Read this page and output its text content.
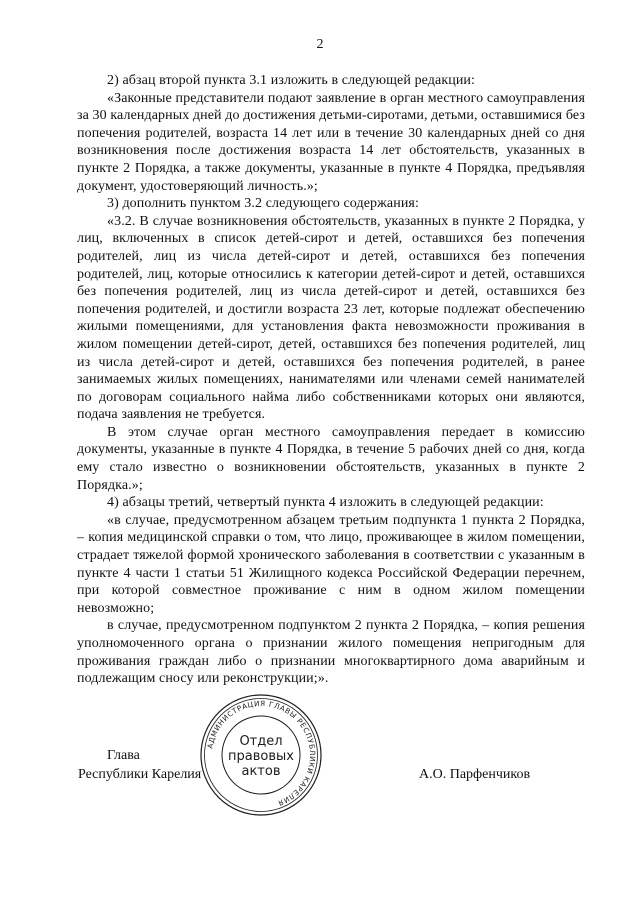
2

2) абзац второй пункта 3.1 изложить в следующей редакции:

«Законные представители подают заявление в орган местного самоуправления за 30 календарных дней до достижения детьми-сиротами, детьми, оставшимися без попечения родителей, возраста 14 лет или в течение 30 календарных дней со дня возникновения после достижения возраста 14 лет обстоятельств, указанных в пункте 2 Порядка, а также документы, указанные в пункте 4 Порядка, предъявляя документ, удостоверяющий личность.»;

3) дополнить пунктом 3.2 следующего содержания:

«3.2. В случае возникновения обстоятельств, указанных в пункте 2 Порядка, у лиц, включенных в список детей-сирот и детей, оставшихся без попечения родителей, лиц из числа детей-сирот и детей, оставшихся без попечения родителей, лиц, которые относились к категории детей-сирот и детей, оставшихся без попечения родителей, лиц из числа детей-сирот и детей, оставшихся без попечения родителей, и достигли возраста 23 лет, которые подлежат обеспечению жилыми помещениями, для установления факта невозможности проживания в жилом помещении детей-сирот, детей, оставшихся без попечения родителей, лиц из числа детей-сирот и детей, оставшихся без попечения родителей, в ранее занимаемых жилых помещениях, нанимателями или членами семей нанимателей по договорам социального найма либо собственниками которых они являются, подача заявления не требуется.

В этом случае орган местного самоуправления передает в комиссию документы, указанные в пункте 4 Порядка, в течение 5 рабочих дней со дня, когда ему стало известно о возникновении обстоятельств, указанных в пункте 2 Порядка.»;

4) абзацы третий, четвертый пункта 4 изложить в следующей редакции:

«в случае, предусмотренном абзацем третьим подпункта 1 пункта 2 Порядка, – копия медицинской справки о том, что лицо, проживающее в жилом помещении, страдает тяжелой формой хронического заболевания в соответствии с указанным в пункте 4 части 1 статьи 51 Жилищного кодекса Российской Федерации перечнем, при которой совместное проживание с ним в одном жилом помещении невозможно;

в случае, предусмотренном подпунктом 2 пункта 2 Порядка, – копия решения уполномоченного органа о признании жилого помещения непригодным для проживания граждан либо о признании многоквартирного дома аварийным и подлежащим сносу или реконструкции;».

Глава
Республики Карелия	А.О. Парфенчиков
АДМИНИСТРАЦИЯ ГЛАВЫ РЕСПУБЛИКИ КАРЕЛИЯ
Отдел
правовых
актов
